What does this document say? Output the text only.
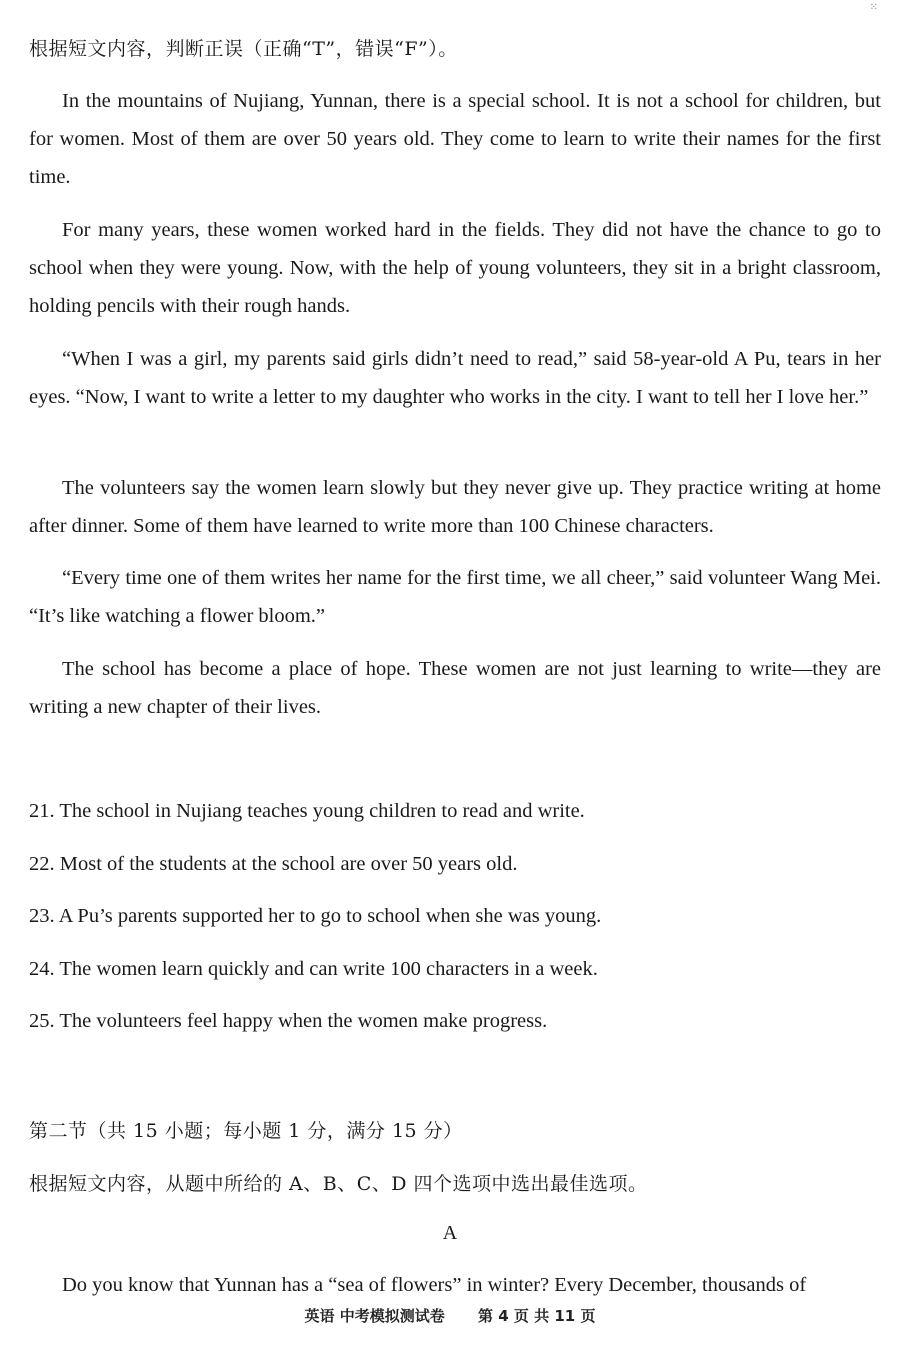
⁙
根据短文内容，判断正误（正确“T”，错误“F”）。

In the mountains of Nujiang, Yunnan, there is a special school. It is not a school for children, but for women. Most of them are over 50 years old. They come to learn to write their names for the first time.

For many years, these women worked hard in the fields. They did not have the chance to go to school when they were young. Now, with the help of young volunteers, they sit in a bright classroom, holding pencils with their rough hands.

“When I was a girl, my parents said girls didn’t need to read,” said 58-year-old A Pu, tears in her eyes. “Now, I want to write a letter to my daughter who works in the city. I want to tell her I love her.”

The volunteers say the women learn slowly but they never give up. They practice writing at home after dinner. Some of them have learned to write more than 100 Chinese characters.

“Every time one of them writes her name for the first time, we all cheer,” said volunteer Wang Mei. “It’s like watching a flower bloom.”

The school has become a place of hope. These women are not just learning to write—they are writing a new chapter of their lives.

21. The school in Nujiang teaches young children to read and write.
22. Most of the students at the school are over 50 years old.
23. A Pu’s parents supported her to go to school when she was young.
24. The women learn quickly and can write 100 characters in a week.
25. The volunteers feel happy when the women make progress.
第二节（共 15 小题；每小题 1 分，满分 15 分）
根据短文内容，从题中所给的 A、B、C、D 四个选项中选出最佳选项。
A

Do you know that Yunnan has a “sea of flowers” in winter? Every December, thousands of

英语 中考模拟测试卷 第 4 页 共 11 页
